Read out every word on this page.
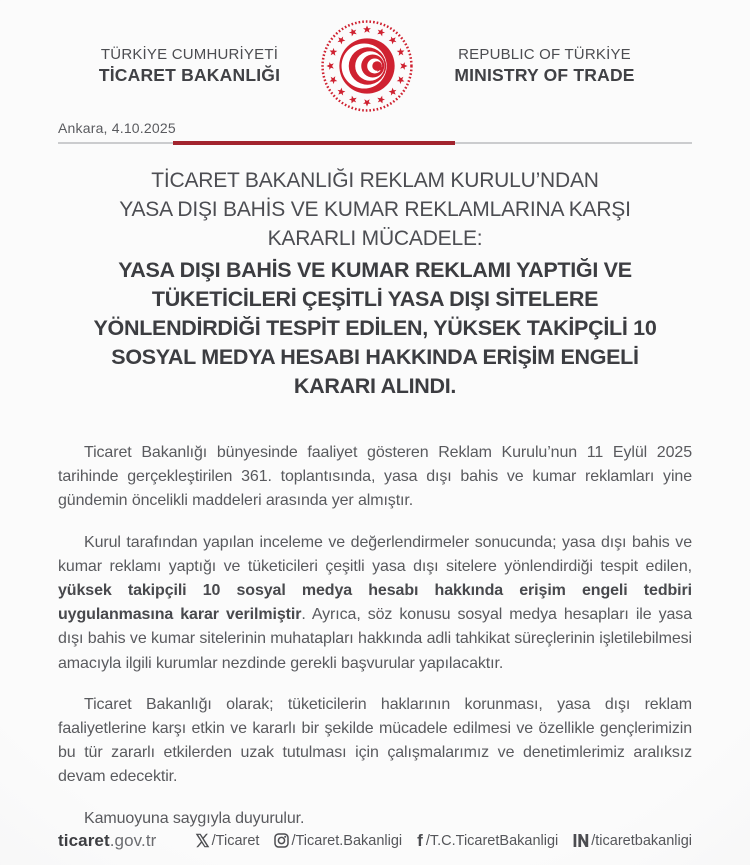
TÜRKİYE CUMHURİYETİ
TİCARET BAKANLIĞI
REPUBLIC OF TÜRKİYE
MINISTRY OF TRADE
Ankara, 4.10.2025
TİCARET BAKANLIĞI REKLAM KURULU’NDAN
YASA DIŞI BAHİS VE KUMAR REKLAMLARINA KARŞI
KARARLI MÜCADELE:
YASA DIŞI BAHİS VE KUMAR REKLAMI YAPTIĞI VE
TÜKETİCİLERİ ÇEŞİTLİ YASA DIŞI SİTELERE
YÖNLENDİRDİĞİ TESPİT EDİLEN, YÜKSEK TAKİPÇİLİ 10
SOSYAL MEDYA HESABI HAKKINDA ERİŞİM ENGELİ
KARARI ALINDI.

Ticaret Bakanlığı bünyesinde faaliyet gösteren Reklam Kurulu’nun 11 Eylül 2025 tarihinde gerçekleştirilen 361. toplantısında, yasa dışı bahis ve kumar reklamları yine gündemin öncelikli maddeleri arasında yer almıştır.

Kurul tarafından yapılan inceleme ve değerlendirmeler sonucunda; yasa dışı bahis ve kumar reklamı yaptığı ve tüketicileri çeşitli yasa dışı sitelere yönlendirdiği tespit edilen, yüksek takipçili 10 sosyal medya hesabı hakkında erişim engeli tedbiri uygulanmasına karar verilmiştir. Ayrıca, söz konusu sosyal medya hesapları ile yasa dışı bahis ve kumar sitelerinin muhatapları hakkında adli tahkikat süreçlerinin işletilebilmesi amacıyla ilgili kurumlar nezdinde gerekli başvurular yapılacaktır.

Ticaret Bakanlığı olarak; tüketicilerin haklarının korunması, yasa dışı reklam faaliyetlerine karşı etkin ve kararlı bir şekilde mücadele edilmesi ve özellikle gençlerimizin bu tür zararlı etkilerden uzak tutulması için çalışmalarımız ve denetimlerimiz aralıksız devam edecektir.

Kamuoyuna saygıyla duyurulur.

ticaret.gov.tr	/Ticaret /Ticaret.Bakanligi f /T.C.TicaretBakanligi /ticaretbakanligi
